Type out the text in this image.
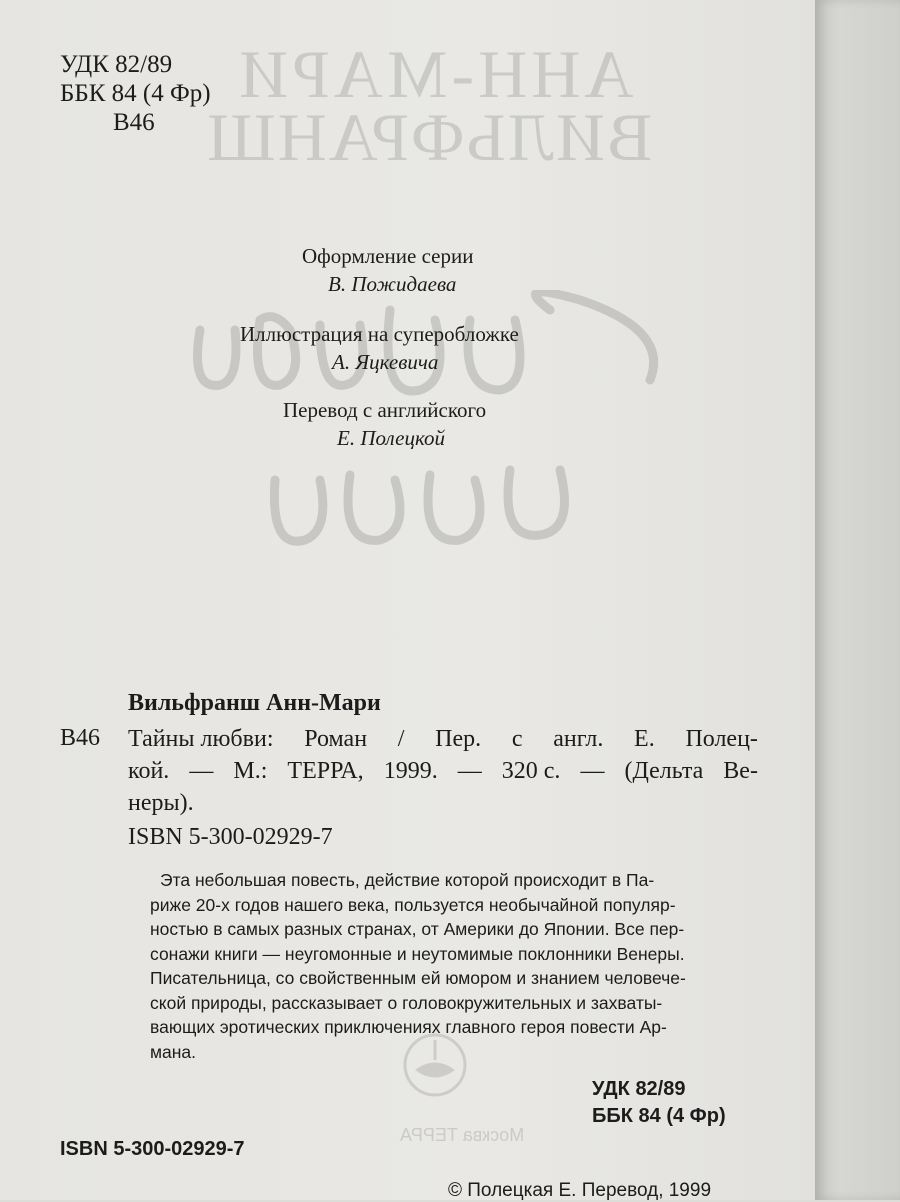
АНН-МАРИ
ВИЛЬФРАНШ
Москва ТЕРРА
УДК 82/89
ББК 84 (4 Фр)
В46
Оформление серии
В. Пожидаева
Иллюстрация на суперобложке
А. Яцкевича
Перевод с английского
Е. Полецкой
Вильфранш Анн-Мари
В46 Тайны любви: Роман / Пер. с англ. Е. Полец-
кой. — М.: ТЕРРА, 1999. — 320 с. — (Дельта Ве-
неры).
ISBN 5-300-02929-7
Эта небольшая повесть, действие которой происходит в Па-
риже 20-х годов нашего века, пользуется необычайной популяр-
ностью в самых разных странах, от Америки до Японии. Все пер-
сонажи книги — неугомонные и неутомимые поклонники Венеры.
Писательница, со свойственным ей юмором и знанием человече-
ской природы, рассказывает о головокружительных и захваты-
вающих эротических приключениях главного героя повести Ар-
мана.
УДК 82/89
ББК 84 (4 Фр)
ISBN 5-300-02929-7
© Полецкая Е. Перевод, 1999
